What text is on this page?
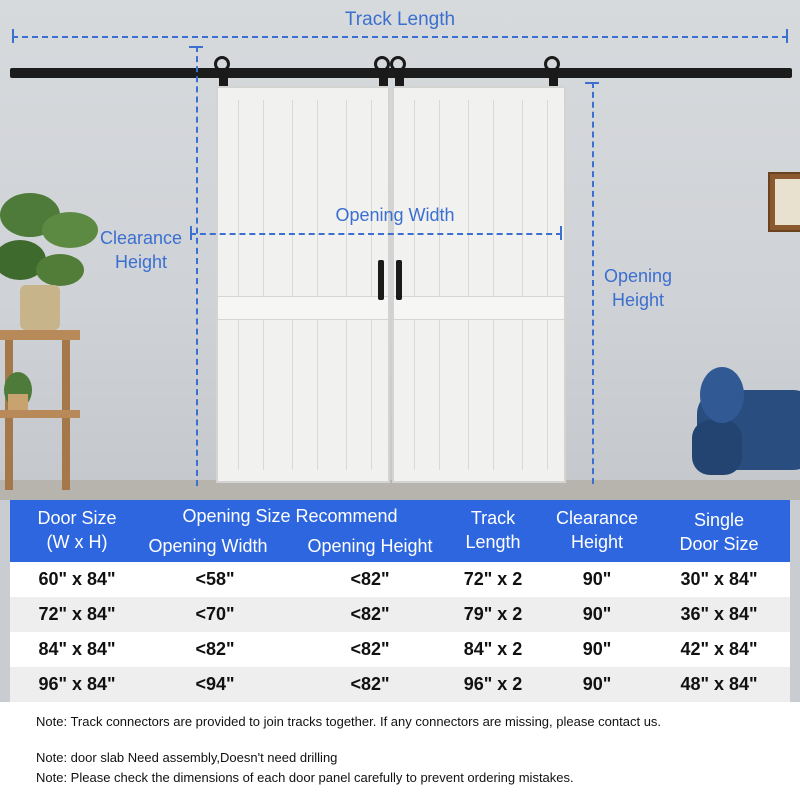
Track Length
Opening Width
Clearance
Height
Opening
Height
Door Size
(W x H)
Opening Size Recommend
Opening Width	Opening Height
Track
Length
Clearance
Height
Single
Door Size
60" x 84"	<58"	<82"	72" x 2	90"	30" x 84"
72" x 84"	<70"	<82"	79" x 2	90"	36" x 84"
84" x 84"	<82"	<82"	84" x 2	90"	42" x 84"
96" x 84"	<94"	<82"	96" x 2	90"	48" x 84"
Note: Track connectors are provided to join tracks together. If any connectors are missing, please contact us.
Note: door slab Need assembly,Doesn't need drilling
Note: Please check the dimensions of each door panel carefully to prevent ordering mistakes.
